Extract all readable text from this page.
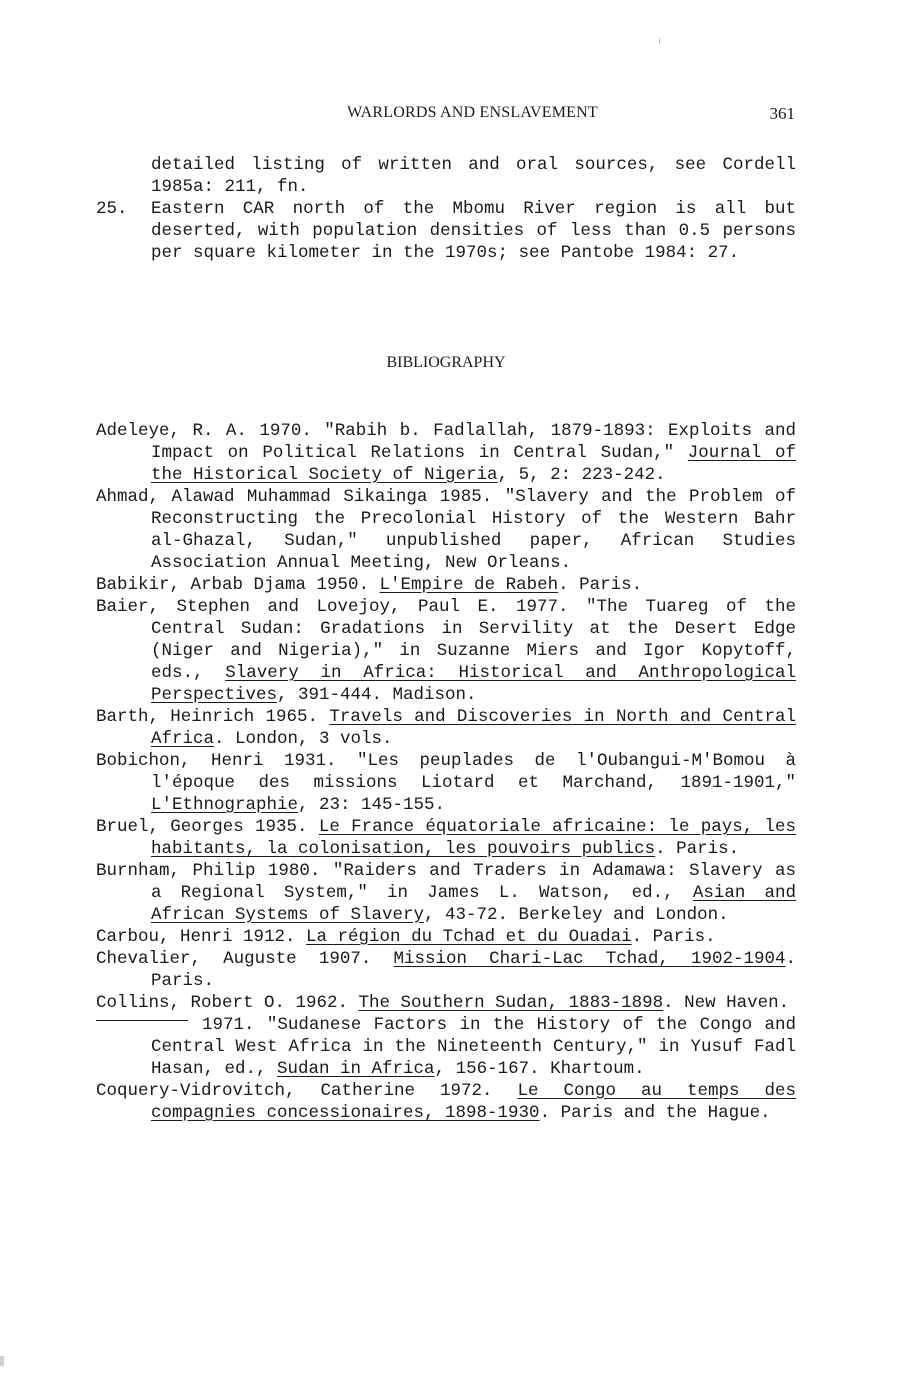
WARLORDS AND ENSLAVEMENT	361
detailed listing of written and oral sources, see Cordell 1985a: 211, fn.
25.	Eastern CAR north of the Mbomu River region is all but deserted, with population densities of less than 0.5 persons per square kilometer in the 1970s; see Pantobe 1984: 27.
BIBLIOGRAPHY

Adeleye, R. A. 1970. "Rabih b. Fadlallah, 1879-1893: Exploits and Impact on Political Relations in Central Sudan," Journal of the Historical Society of Nigeria, 5, 2: 223-242.

Ahmad, Alawad Muhammad Sikainga 1985. "Slavery and the Problem of Reconstructing the Precolonial History of the Western Bahr al-Ghazal, Sudan," unpublished paper, African Studies Association Annual Meeting, New Orleans.

Babikir, Arbab Djama 1950. L'Empire de Rabeh. Paris.

Baier, Stephen and Lovejoy, Paul E. 1977. "The Tuareg of the Central Sudan: Gradations in Servility at the Desert Edge (Niger and Nigeria)," in Suzanne Miers and Igor Kopytoff, eds., Slavery in Africa: Historical and Anthropological Perspectives, 391-444. Madison.

Barth, Heinrich 1965. Travels and Discoveries in North and Central Africa. London, 3 vols.

Bobichon, Henri 1931. "Les peuplades de l'Oubangui-M'Bomou à l'époque des missions Liotard et Marchand, 1891-1901," L'Ethnographie, 23: 145-155.

Bruel, Georges 1935. Le France équatoriale africaine: le pays, les habitants, la colonisation, les pouvoirs publics. Paris.

Burnham, Philip 1980. "Raiders and Traders in Adamawa: Slavery as a Regional System," in James L. Watson, ed., Asian and African Systems of Slavery, 43-72. Berkeley and London.

Carbou, Henri 1912. La région du Tchad et du Ouadai. Paris.

Chevalier, Auguste 1907. Mission Chari-Lac Tchad, 1902-1904. Paris.

Collins, Robert O. 1962. The Southern Sudan, 1883-1898. New Haven.

1971. "Sudanese Factors in the History of the Congo and Central West Africa in the Nineteenth Century," in Yusuf Fadl Hasan, ed., Sudan in Africa, 156-167. Khartoum.

Coquery-Vidrovitch, Catherine 1972. Le Congo au temps des compagnies concessionaires, 1898-1930. Paris and the Hague.
